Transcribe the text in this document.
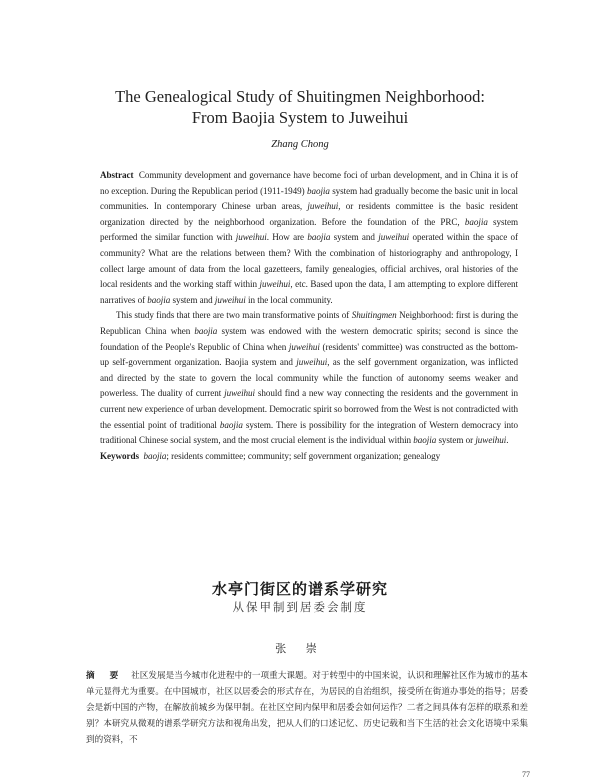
The Genealogical Study of Shuitingmen Neighborhood:
From Baojia System to Juweihui
Zhang Chong

Abstract Community development and governance have become foci of urban development, and in China it is of no exception. During the Republican period (1911-1949) baojia system had gradually become the basic unit in local communities. In contemporary Chinese urban areas, juweihui, or residents committee is the basic resident organization directed by the neighborhood organization. Before the foundation of the PRC, baojia system performed the similar function with juweihui. How are baojia system and juweihui operated within the space of community? What are the relations between them? With the combination of historiography and anthropology, I collect large amount of data from the local gazetteers, family genealogies, official archives, oral histories of the local residents and the working staff within juweihui, etc. Based upon the data, I am attempting to explore different narratives of baojia system and juweihui in the local community.

This study finds that there are two main transformative points of Shuitingmen Neighborhood: first is during the Republican China when baojia system was endowed with the western democratic spirits; second is since the foundation of the People's Republic of China when juweihui (residents' committee) was constructed as the bottom-up self-government organization. Baojia system and juweihui, as the self government organization, was inflicted and directed by the state to govern the local community while the function of autonomy seems weaker and powerless. The duality of current juweihui should find a new way connecting the residents and the government in current new experience of urban development. Democratic spirit so borrowed from the West is not contradicted with the essential point of traditional baojia system. There is possibility for the integration of Western democracy into traditional Chinese social system, and the most crucial element is the individual within baojia system or juweihui.

Keywords baojia; residents committee; community; self government organization; genealogy

水亭门街区的谱系学研究
从保甲制到居委会制度
张 崇
摘 要 社区发展是当今城市化进程中的一项重大课题。对于转型中的中国来说，认识和理解社区作为城市的基本单元显得尤为重要。在中国城市，社区以居委会的形式存在，为居民的自治组织，接受所在街道办事处的指导；居委会是新中国的产物，在解放前城乡为保甲制。在社区空间内保甲和居委会如何运作？二者之间具体有怎样的联系和差别？本研究从微观的谱系学研究方法和视角出发，把从人们的口述记忆、历史记载和当下生活的社会文化语境中采集到的资料，不
77
